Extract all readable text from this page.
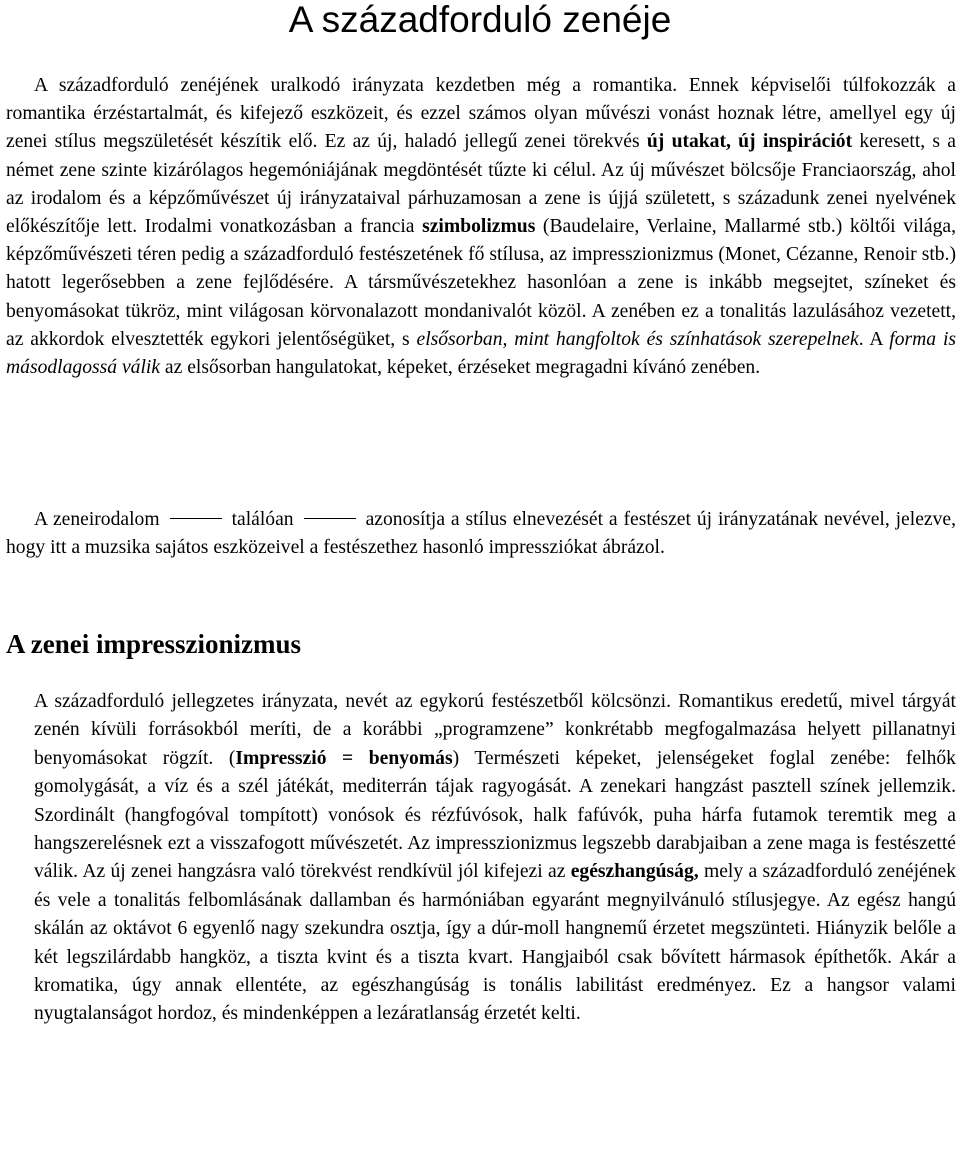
A századforduló zenéje

A századforduló zenéjének uralkodó irányzata kezdetben még a romantika. Ennek képviselői túlfokozzák a romantika érzéstartalmát, és kifejező eszközeit, és ezzel számos olyan művészi vonást hoznak létre, amellyel egy új zenei stílus megszületését készítik elő. Ez az új, haladó jellegű zenei törekvés új utakat, új inspirációt keresett, s a német zene szinte kizárólagos hegemóniájának megdöntését tűzte ki célul. Az új művészet bölcsője Franciaország, ahol az irodalom és a képzőművészet új irányzataival párhuzamosan a zene is újjá született, s századunk zenei nyelvének előkészítője lett. Irodalmi vonatkozásban a francia szimbolizmus (Baudelaire, Verlaine, Mallarmé stb.) költői világa, képzőművészeti téren pedig a századforduló festészetének fő stílusa, az impresszionizmus (Monet, Cézanne, Renoir stb.) hatott legerősebben a zene fejlődésére. A társművészetekhez hasonlóan a zene is inkább megsejtet, színeket és benyomásokat tükröz, mint világosan körvonalazott mondanivalót közöl. A zenében ez a tonalitás lazulásához vezetett, az akkordok elvesztették egykori jelentőségüket, s elsősorban, mint hangfoltok és színhatások szerepelnek. A forma is másodlagossá válik az elsősorban hangulatokat, képeket, érzéseket megragadni kívánó zenében.

A zeneirodalom	találóan	azonosítja a stílus elnevezését a festészet új irányzatának nevével, jelezve, hogy itt a muzsika sajátos eszközeivel a festészethez hasonló impressziókat ábrázol.

A zenei impresszionizmus

A századforduló jellegzetes irányzata, nevét az egykorú festészetből kölcsönzi. Romantikus eredetű, mivel tárgyát zenén kívüli forrásokból meríti, de a korábbi „programzene” konkrétabb megfogalmazása helyett pillanatnyi benyomásokat rögzít. (Impresszió = benyomás) Természeti képeket, jelenségeket foglal zenébe: felhők gomolygását, a víz és a szél játékát, mediterrán tájak ragyogását. A zenekari hangzást pasztell színek jellemzik. Szordinált (hangfogóval tompított) vonósok és rézfúvósok, halk fafúvók, puha hárfa futamok teremtik meg a hangszerelésnek ezt a visszafogott művészetét. Az impresszionizmus legszebb darabjaiban a zene maga is festészetté válik. Az új zenei hangzásra való törekvést rendkívül jól kifejezi az egészhangúság, mely a századforduló zenéjének és vele a tonalitás felbomlásának dallamban és harmóniában egyaránt megnyilvánuló stílusjegye. Az egész hangú skálán az oktávot 6 egyenlő nagy szekundra osztja, így a dúr-moll hangnemű érzetet megszünteti. Hiányzik belőle a két legszilárdabb hangköz, a tiszta kvint és a tiszta kvart. Hangjaiból csak bővített hármasok építhetők. Akár a kromatika, úgy annak ellentéte, az egészhangúság is tonális labilitást eredményez. Ez a hangsor valami nyugtalanságot hordoz, és mindenképpen a lezáratlanság érzetét kelti.
